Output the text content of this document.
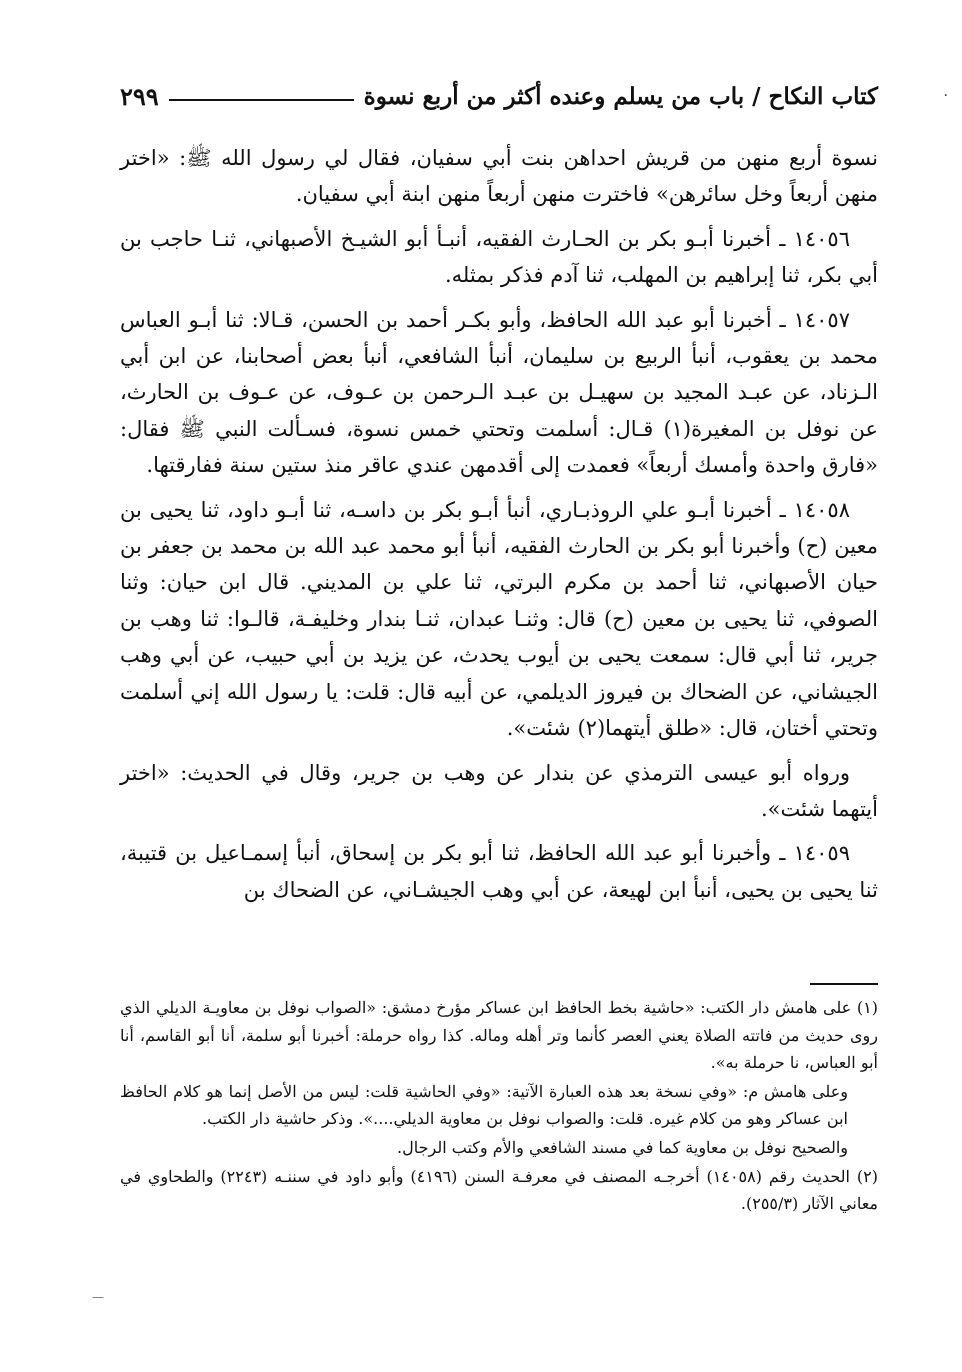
·
كتاب النكاح / باب من يسلم وعنده أكثر من أربع نسوة
٢٩٩

نسوة أربع منهن من قريش احداهن بنت أبي سفيان، فقال لي رسول الله ﷺ: «اختر منهن أربعاً وخل سائرهن» فاخترت منهن أربعاً منهن ابنة أبي سفيان.

١٤٠٥٦ ـ أخبرنا أبـو بكر بن الحـارث الفقيه، أنبـأ أبو الشيـخ الأصبهاني، ثنـا حاجب بن أبي بكر، ثنا إبراهيم بن المهلب، ثنا آدم فذكر بمثله.

١٤٠٥٧ ـ أخبرنا أبو عبد الله الحافظ، وأبو بكـر أحمد بن الحسن، قـالا: ثنا أبـو العباس محمد بن يعقوب، أنبأ الربيع بن سليمان، أنبأ الشافعي، أنبأ بعض أصحابنا، عن ابن أبي الـزناد، عن عبـد المجيد بن سهيـل بن عبـد الـرحمن بن عـوف، عن عـوف بن الحارث، عن نوفل بن المغيرة(١) قـال: أسلمت وتحتي خمس نسوة، فسـألت النبي ﷺ فقال: «فارق واحدة وأمسك أربعاً» فعمدت إلى أقدمهن عندي عاقر منذ ستين سنة ففارقتها.

١٤٠٥٨ ـ أخبرنا أبـو علي الروذبـاري، أنبأ أبـو بكر بن داسـه، ثنا أبـو داود، ثنا يحيى بن معين (ح) وأخبرنا أبو بكر بن الحارث الفقيه، أنبأ أبو محمد عبد الله بن محمد بن جعفر بن حيان الأصبهاني، ثنا أحمد بن مكرم البرتي، ثنا علي بن المديني. قال ابن حيان: وثنا الصوفي، ثنا يحيى بن معين (ح) قال: وثنـا عبدان، ثنـا بندار وخليفـة، قالـوا: ثنا وهب بن جرير، ثنا أبي قال: سمعت يحيى بن أيوب يحدث، عن يزيد بن أبي حبيب، عن أبي وهب الجيشاني، عن الضحاك بن فيروز الديلمي، عن أبيه قال: قلت: يا رسول الله إني أسلمت وتحتي أختان، قال: «طلق أيتهما(٢) شئت».

ورواه أبو عيسى الترمذي عن بندار عن وهب بن جرير، وقال في الحديث: «اختر أيتهما شئت».

١٤٠٥٩ ـ وأخبرنا أبو عبد الله الحافظ، ثنا أبو بكر بن إسحاق، أنبأ إسمـاعيل بن قتيبة، ثنا يحيى بن يحيى، أنبأ ابن لهيعة، عن أبي وهب الجيشـاني، عن الضحاك بن

(١) على هامش دار الكتب: «حاشية بخط الحافظ ابن عساكر مؤرخ دمشق: «الصواب نوفل بن معاويـة الديلي الذي روى حديث من فاتته الصلاة يعني العصر كأنما وتر أهله وماله. كذا رواه حرملة: أخبرنا أبو سلمة، أنا أبو القاسم، أنا أبو العباس، نا حرملة به».

وعلى هامش م: «وفي نسخة بعد هذه العبارة الآتية: «وفي الحاشية قلت: ليس من الأصل إنما هو كلام الحافظ ابن عساكر وهو من كلام غيره. قلت: والصواب نوفل بن معاوية الديلي....». وذكر حاشية دار الكتب.

والصحيح نوفل بن معاوية كما في مسند الشافعي والأم وكتب الرجال.

(٢) الحديث رقم (١٤٠٥٨) أخرجـه المصنف في معرفـة السنن (٤١٩٦) وأبو داود في سننـه (٢٢٤٣) والطحاوي في معاني الآثار (٢٥٥/٣).

—
